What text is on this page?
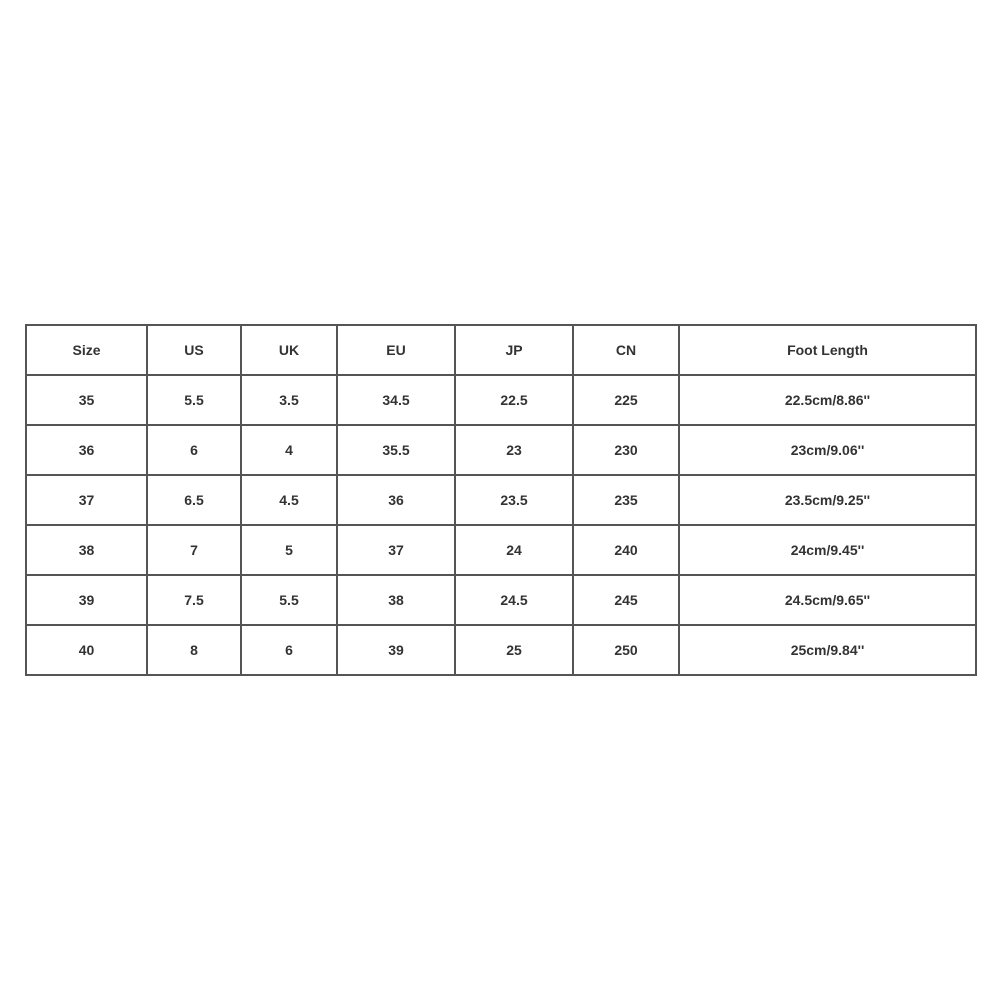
Size	US	UK	EU	JP	CN	Foot Length
35	5.5	3.5	34.5	22.5	225	22.5cm/8.86''
36	6	4	35.5	23	230	23cm/9.06''
37	6.5	4.5	36	23.5	235	23.5cm/9.25''
38	7	5	37	24	240	24cm/9.45''
39	7.5	5.5	38	24.5	245	24.5cm/9.65''
40	8	6	39	25	250	25cm/9.84''
